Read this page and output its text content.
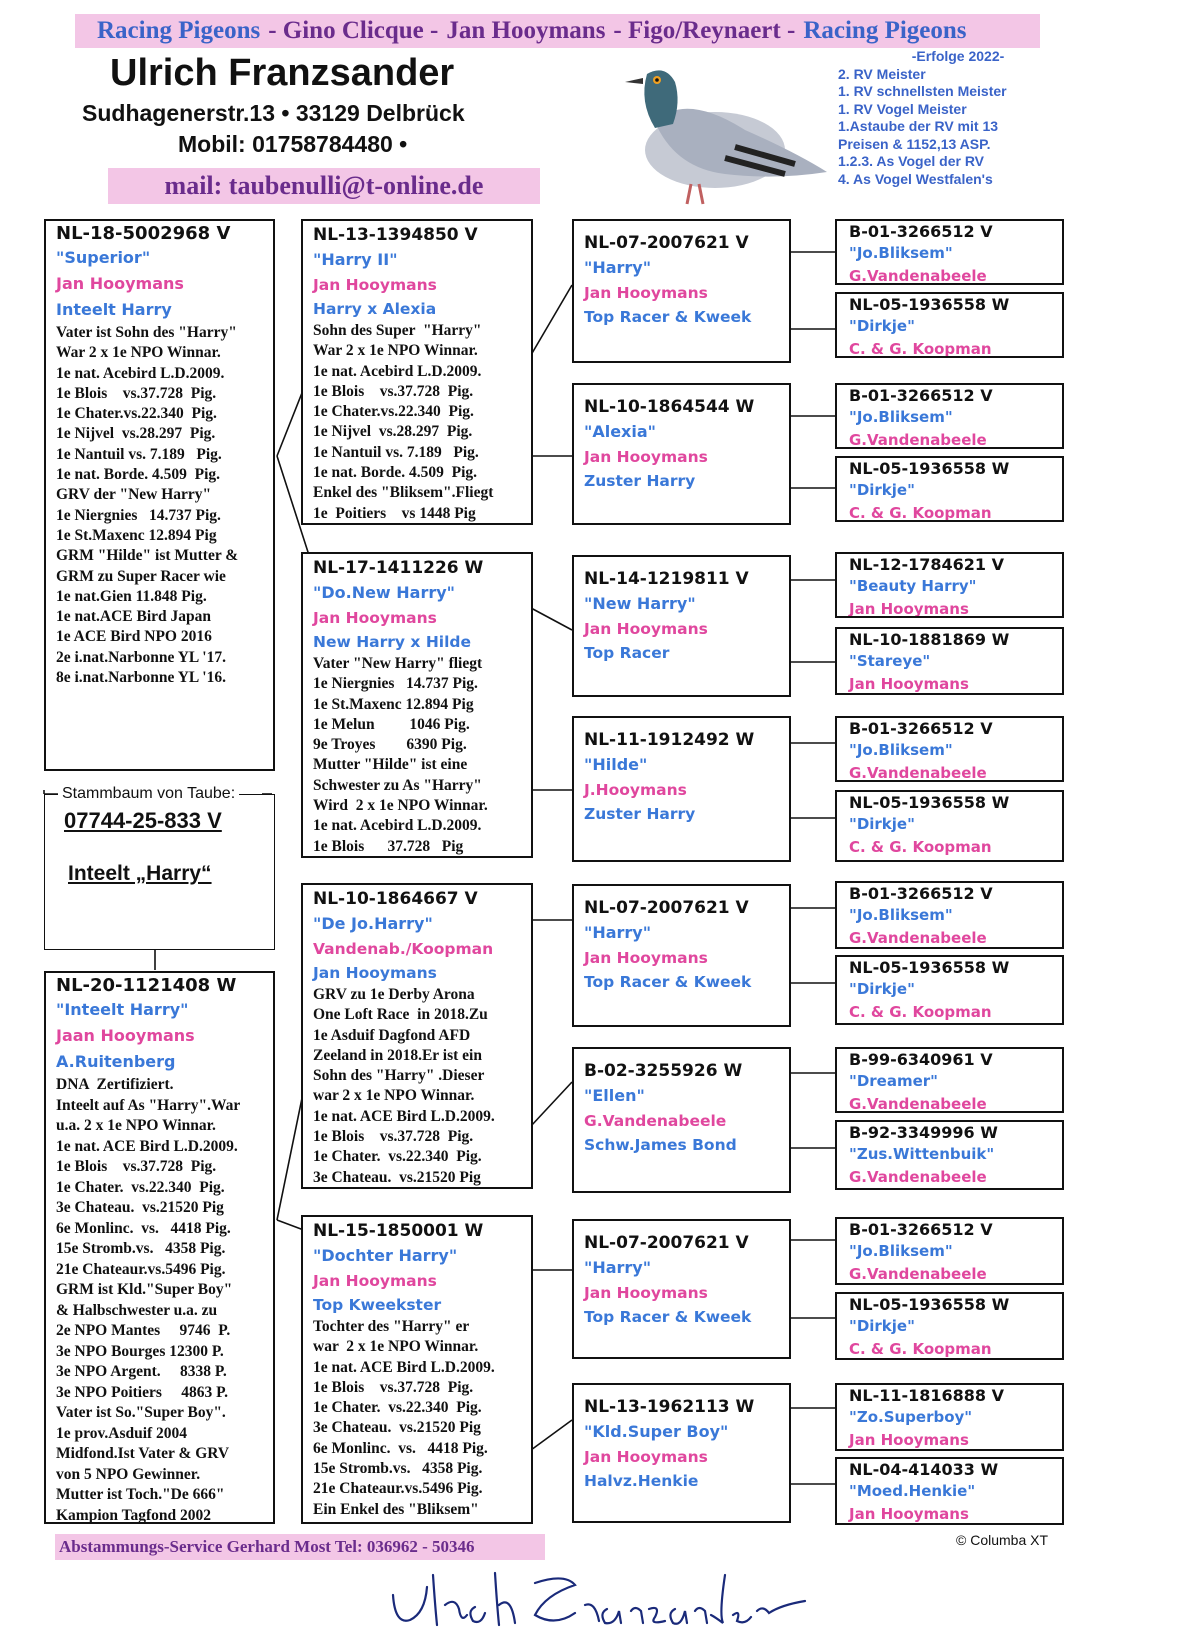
Racing Pigeons - Gino Clicque - Jan Hooymans - Figo/Reynaert - Racing Pigeons
Ulrich Franzsander
Sudhagenerstr.13 • 33129 Delbrück
Mobil: 01758784480 •
mail: taubenulli@t-online.de
-Erfolge 2022-
2. RV Meister
1. RV schnellsten Meister
1. RV Vogel Meister
1.Astaube der RV mit 13
Preisen & 1152,13 ASP.
1.2.3. As Vogel der RV
4. As Vogel Westfalen's
Stammbaum von Taube:
07744-25-833 V
Inteelt „Harry“
NL-18-5002968 V
"Superior"
Jan Hooymans
Inteelt Harry
Vater ist Sohn des "Harry"
War 2 x 1e NPO Winnar.
1e nat. Acebird L.D.2009.
1e Blois    vs.37.728  Pig.
1e Chater.vs.22.340  Pig.
1e Nijvel  vs.28.297  Pig.
1e Nantuil vs. 7.189   Pig.
1e nat. Borde. 4.509  Pig.
GRV der "New Harry"
1e Niergnies   14.737 Pig.
1e St.Maxenc 12.894 Pig
GRM "Hilde" ist Mutter &
GRM zu Super Racer wie
1e nat.Gien 11.848 Pig.
1e nat.ACE Bird Japan
1e ACE Bird NPO 2016
2e i.nat.Narbonne YL '17.
8e i.nat.Narbonne YL '16.
NL-20-1121408 W
"Inteelt Harry"
Jaan Hooymans
A.Ruitenberg
DNA  Zertifiziert.
Inteelt auf As "Harry".War
u.a. 2 x 1e NPO Winnar.
1e nat. ACE Bird L.D.2009.
1e Blois    vs.37.728  Pig.
1e Chater.  vs.22.340  Pig.
3e Chateau.  vs.21520 Pig
6e Monlinc.  vs.   4418 Pig.
15e Stromb.vs.   4358 Pig.
21e Chateaur.vs.5496 Pig.
GRM ist Kld."Super Boy"
& Halbschwester u.a. zu
2e NPO Mantes     9746  P.
3e NPO Bourges 12300 P.
3e NPO Argent.     8338 P.
3e NPO Poitiers     4863 P.
Vater ist So."Super Boy".
1e prov.Asduif 2004
Midfond.Ist Vater & GRV
von 5 NPO Gewinner.
Mutter ist Toch."De 666"
Kampion Tagfond 2002
NL-13-1394850 V
"Harry II"
Jan Hooymans
Harry x Alexia
Sohn des Super  "Harry"
War 2 x 1e NPO Winnar.
1e nat. Acebird L.D.2009.
1e Blois    vs.37.728  Pig.
1e Chater.vs.22.340  Pig.
1e Nijvel  vs.28.297  Pig.
1e Nantuil vs. 7.189   Pig.
1e nat. Borde. 4.509  Pig.
Enkel des "Bliksem".Fliegt
1e  Poitiers    vs 1448 Pig
NL-17-1411226 W
"Do.New Harry"
Jan Hooymans
New Harry x Hilde
Vater "New Harry" fliegt
1e Niergnies   14.737 Pig.
1e St.Maxenc 12.894 Pig
1e Melun         1046 Pig.
9e Troyes        6390 Pig.
Mutter "Hilde" ist eine
Schwester zu As "Harry"
Wird  2 x 1e NPO Winnar.
1e nat. Acebird L.D.2009.
1e Blois      37.728   Pig
NL-10-1864667 V
"De Jo.Harry"
Vandenab./Koopman
Jan Hooymans
GRV zu 1e Derby Arona
One Loft Race  in 2018.Zu
1e Asduif Dagfond AFD
Zeeland in 2018.Er ist ein
Sohn des "Harry" .Dieser
war 2 x 1e NPO Winnar.
1e nat. ACE Bird L.D.2009.
1e Blois    vs.37.728  Pig.
1e Chater.  vs.22.340  Pig.
3e Chateau.  vs.21520 Pig
NL-15-1850001 W
"Dochter Harry"
Jan Hooymans
Top Kweekster
Tochter des "Harry" er
war  2 x 1e NPO Winnar.
1e nat. ACE Bird L.D.2009.
1e Blois    vs.37.728  Pig.
1e Chater.  vs.22.340  Pig.
3e Chateau.  vs.21520 Pig
6e Monlinc.  vs.   4418 Pig.
15e Stromb.vs.   4358 Pig.
21e Chateaur.vs.5496 Pig.
Ein Enkel des "Bliksem"
NL-07-2007621 V
"Harry"
Jan Hooymans
Top Racer & Kweek
NL-10-1864544 W
"Alexia"
Jan Hooymans
Zuster Harry
NL-14-1219811 V
"New Harry"
Jan Hooymans
Top Racer
NL-11-1912492 W
"Hilde"
J.Hooymans
Zuster Harry
NL-07-2007621 V
"Harry"
Jan Hooymans
Top Racer & Kweek
B-02-3255926 W
"Ellen"
G.Vandenabeele
Schw.James Bond
NL-07-2007621 V
"Harry"
Jan Hooymans
Top Racer & Kweek
NL-13-1962113 W
"Kld.Super Boy"
Jan Hooymans
Halvz.Henkie
B-01-3266512 V
"Jo.Bliksem"
G.Vandenabeele
NL-05-1936558 W
"Dirkje"
C. & G. Koopman
B-01-3266512 V
"Jo.Bliksem"
G.Vandenabeele
NL-05-1936558 W
"Dirkje"
C. & G. Koopman
NL-12-1784621 V
"Beauty Harry"
Jan Hooymans
NL-10-1881869 W
"Stareye"
Jan Hooymans
B-01-3266512 V
"Jo.Bliksem"
G.Vandenabeele
NL-05-1936558 W
"Dirkje"
C. & G. Koopman
B-01-3266512 V
"Jo.Bliksem"
G.Vandenabeele
NL-05-1936558 W
"Dirkje"
C. & G. Koopman
B-99-6340961 V
"Dreamer"
G.Vandenabeele
B-92-3349996 W
"Zus.Wittenbuik"
G.Vandenabeele
B-01-3266512 V
"Jo.Bliksem"
G.Vandenabeele
NL-05-1936558 W
"Dirkje"
C. & G. Koopman
NL-11-1816888 V
"Zo.Superboy"
Jan Hooymans
NL-04-414033 W
"Moed.Henkie"
Jan Hooymans
Abstammungs-Service Gerhard Most Tel: 036962 - 50346	© Columba XT
